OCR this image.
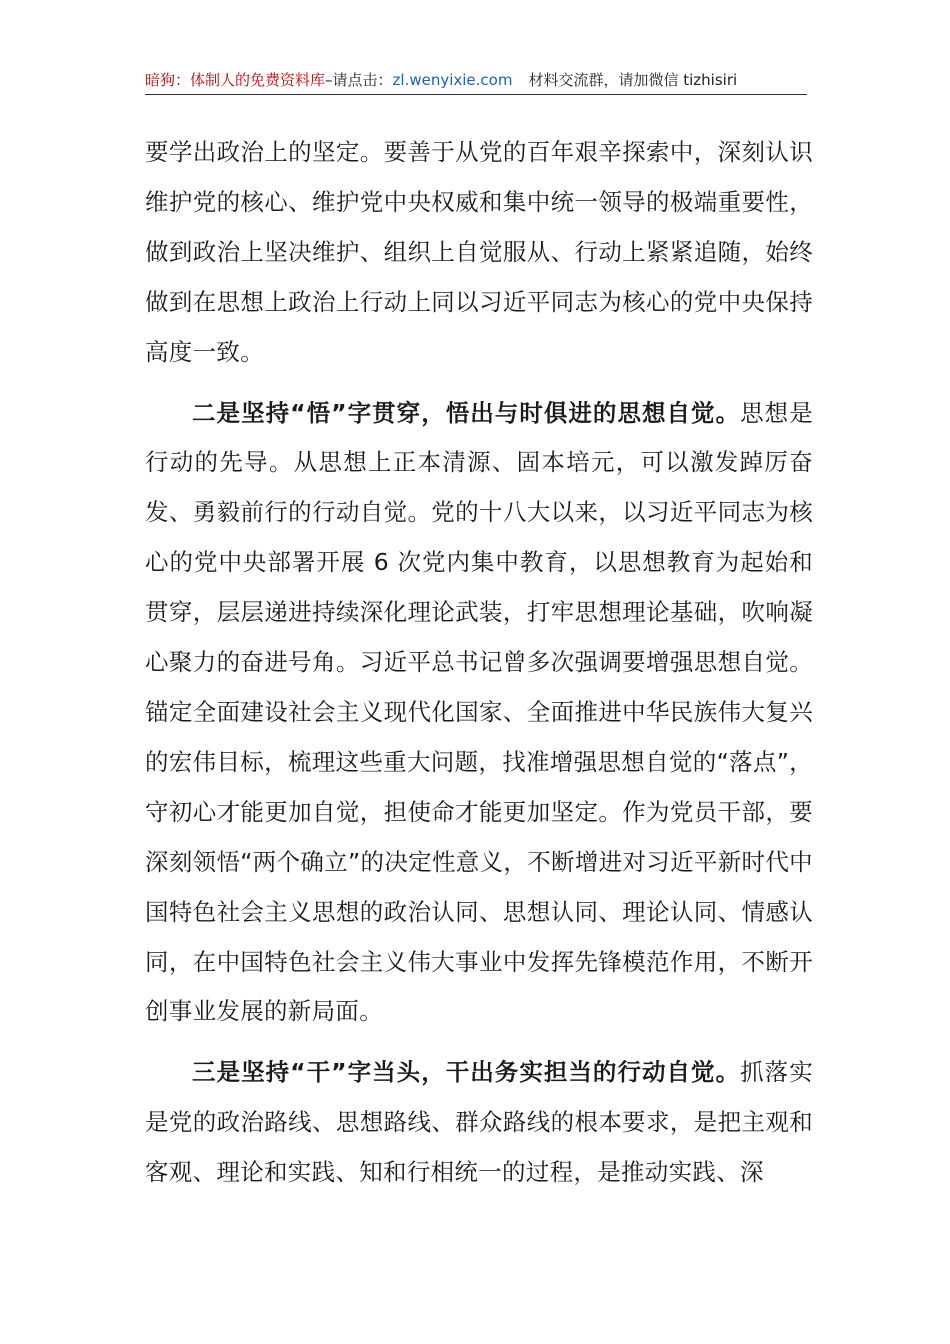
暗狗：体制人的免费资料库–请点击：zl.wenyixie.com 材料交流群，请加微信 tizhisiri

要学出政治上的坚定。要善于从党的百年艰辛探索中，深刻认识维护党的核心、维护党中央权威和集中统一领导的极端重要性，做到政治上坚决维护、组织上自觉服从、行动上紧紧追随，始终做到在思想上政治上行动上同以习近平同志为核心的党中央保持高度一致。

二是坚持“悟”字贯穿，悟出与时俱进的思想自觉。思想是行动的先导。从思想上正本清源、固本培元，可以激发踔厉奋发、勇毅前行的行动自觉。党的十八大以来，以习近平同志为核心的党中央部署开展 6 次党内集中教育，以思想教育为起始和贯穿，层层递进持续深化理论武装，打牢思想理论基础，吹响凝心聚力的奋进号角。习近平总书记曾多次强调要增强思想自觉。锚定全面建设社会主义现代化国家、全面推进中华民族伟大复兴的宏伟目标，梳理这些重大问题，找准增强思想自觉的“落点”，守初心才能更加自觉，担使命才能更加坚定。作为党员干部，要深刻领悟“两个确立”的决定性意义，不断增进对习近平新时代中国特色社会主义思想的政治认同、思想认同、理论认同、情感认同，在中国特色社会主义伟大事业中发挥先锋模范作用，不断开创事业发展的新局面。

三是坚持“干”字当头，干出务实担当的行动自觉。抓落实是党的政治路线、思想路线、群众路线的根本要求，是把主观和客观、理论和实践、知和行相统一的过程，是推动实践、深
